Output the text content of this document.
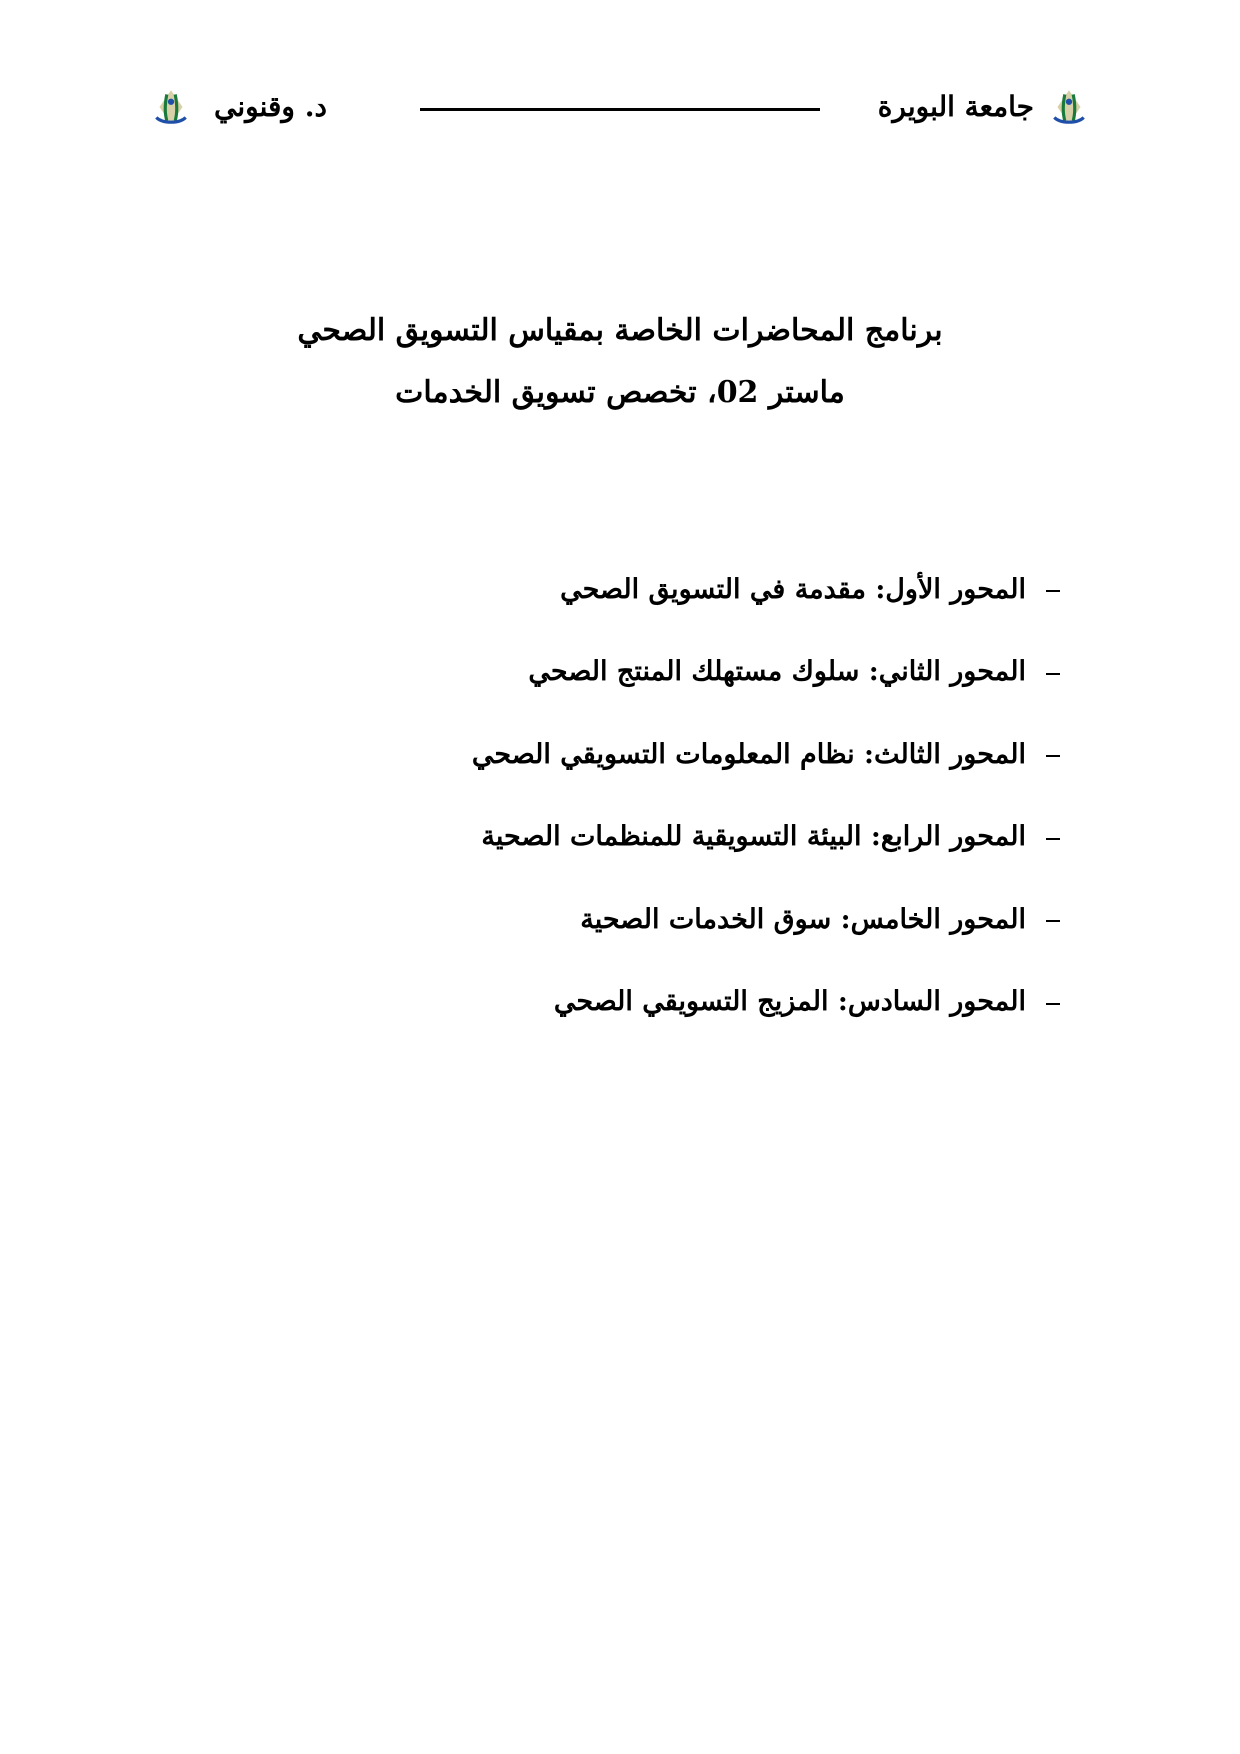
جامعة البويرة
د. وقنوني
برنامج المحاضرات الخاصة بمقياس التسويق الصحي
ماستر 02، تخصص تسويق الخدمات
المحور الأول: مقدمة في التسويق الصحي
المحور الثاني: سلوك مستهلك المنتج الصحي
المحور الثالث: نظام المعلومات التسويقي الصحي
المحور الرابع: البيئة التسويقية للمنظمات الصحية
المحور الخامس: سوق الخدمات الصحية
المحور السادس: المزيج التسويقي الصحي
